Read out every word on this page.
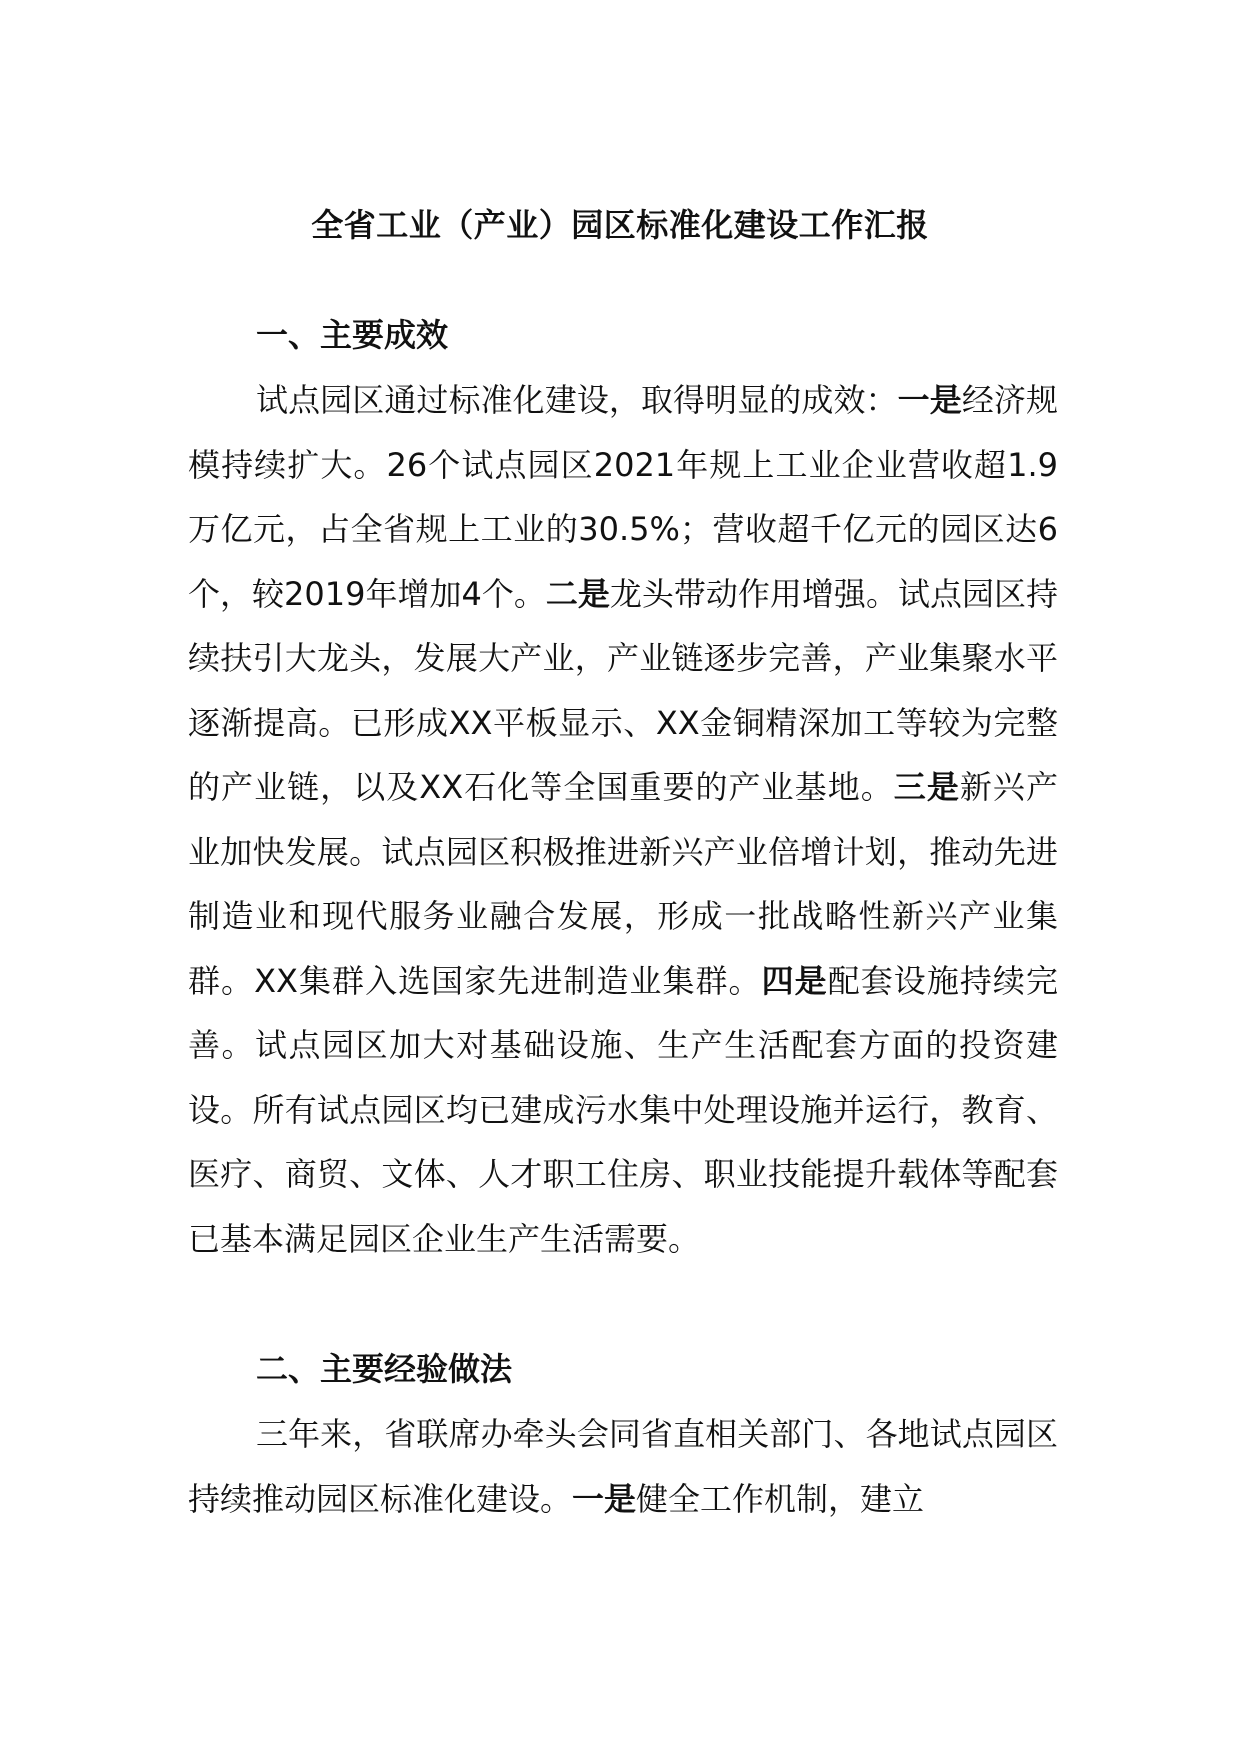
全省工业（产业）园区标准化建设工作汇报

一、主要成效

试点园区通过标准化建设，取得明显的成效：一是经济规模持续扩大。26个试点园区2021年规上工业企业营收超1.9万亿元，占全省规上工业的30.5%；营收超千亿元的园区达6个，较2019年增加4个。二是龙头带动作用增强。试点园区持续扶引大龙头，发展大产业，产业链逐步完善，产业集聚水平逐渐提高。已形成XX平板显示、XX金铜精深加工等较为完整的产业链，以及XX石化等全国重要的产业基地。三是新兴产业加快发展。试点园区积极推进新兴产业倍增计划，推动先进制造业和现代服务业融合发展，形成一批战略性新兴产业集群。XX集群入选国家先进制造业集群。四是配套设施持续完善。试点园区加大对基础设施、生产生活配套方面的投资建设。所有试点园区均已建成污水集中处理设施并运行，教育、医疗、商贸、文体、人才职工住房、职业技能提升载体等配套已基本满足园区企业生产生活需要。

二、主要经验做法

三年来，省联席办牵头会同省直相关部门、各地试点园区持续推动园区标准化建设。一是健全工作机制，建立
